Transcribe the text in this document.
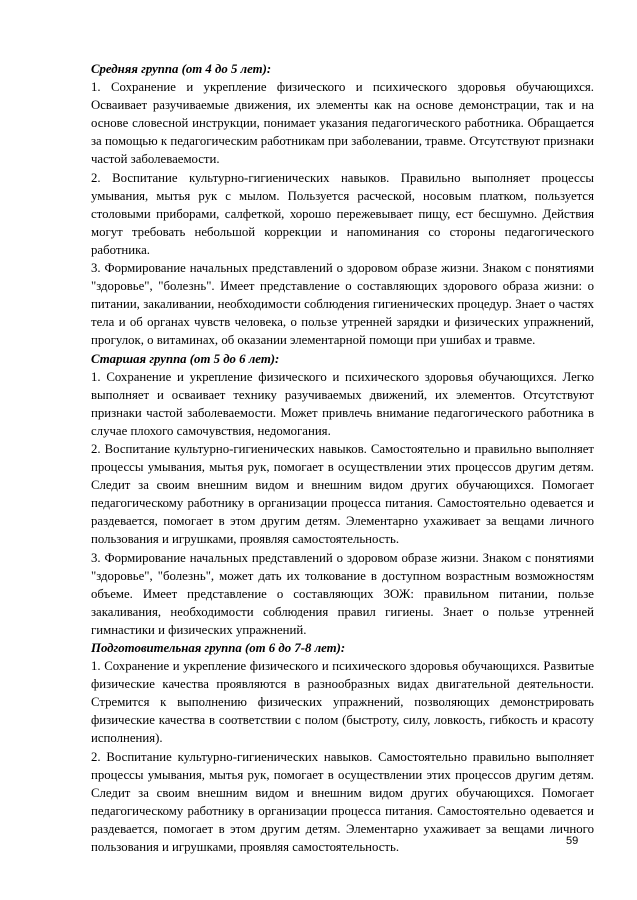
Средняя группа (от 4 до 5 лет):

1. Сохранение и укрепление физического и психического здоровья обучающихся. Осваивает разучиваемые движения, их элементы как на основе демонстрации, так и на основе словесной инструкции, понимает указания педагогического работника. Обращается за помощью к педагогическим работникам при заболевании, травме. Отсутствуют признаки частой заболеваемости.

2. Воспитание культурно-гигиенических навыков. Правильно выполняет процессы умывания, мытья рук с мылом. Пользуется расческой, носовым платком, пользуется столовыми приборами, салфеткой, хорошо пережевывает пищу, ест бесшумно. Действия могут требовать небольшой коррекции и напоминания со стороны педагогического работника.

3. Формирование начальных представлений о здоровом образе жизни. Знаком с понятиями "здоровье", "болезнь". Имеет представление о составляющих здорового образа жизни: о питании, закаливании, необходимости соблюдения гигиенических процедур. Знает о частях тела и об органах чувств человека, о пользе утренней зарядки и физических упражнений, прогулок, о витаминах, об оказании элементарной помощи при ушибах и травме.

Старшая группа (от 5 до 6 лет):

1. Сохранение и укрепление физического и психического здоровья обучающихся. Легко выполняет и осваивает технику разучиваемых движений, их элементов. Отсутствуют признаки частой заболеваемости. Может привлечь внимание педагогического работника в случае плохого самочувствия, недомогания.

2. Воспитание культурно-гигиенических навыков. Самостоятельно и правильно выполняет процессы умывания, мытья рук, помогает в осуществлении этих процессов другим детям. Следит за своим внешним видом и внешним видом других обучающихся. Помогает педагогическому работнику в организации процесса питания. Самостоятельно одевается и раздевается, помогает в этом другим детям. Элементарно ухаживает за вещами личного пользования и игрушками, проявляя самостоятельность.

3. Формирование начальных представлений о здоровом образе жизни. Знаком с понятиями "здоровье", "болезнь", может дать их толкование в доступном возрастным возможностям объеме. Имеет представление о составляющих ЗОЖ: правильном питании, пользе закаливания, необходимости соблюдения правил гигиены. Знает о пользе утренней гимнастики и физических упражнений.

Подготовительная группа (от 6 до 7-8 лет):

1. Сохранение и укрепление физического и психического здоровья обучающихся. Развитые физические качества проявляются в разнообразных видах двигательной деятельности. Стремится к выполнению физических упражнений, позволяющих демонстрировать физические качества в соответствии с полом (быстроту, силу, ловкость, гибкость и красоту исполнения).

2. Воспитание культурно-гигиенических навыков. Самостоятельно правильно выполняет процессы умывания, мытья рук, помогает в осуществлении этих процессов другим детям. Следит за своим внешним видом и внешним видом других обучающихся. Помогает педагогическому работнику в организации процесса питания. Самостоятельно одевается и раздевается, помогает в этом другим детям. Элементарно ухаживает за вещами личного пользования и игрушками, проявляя самостоятельность.	59
